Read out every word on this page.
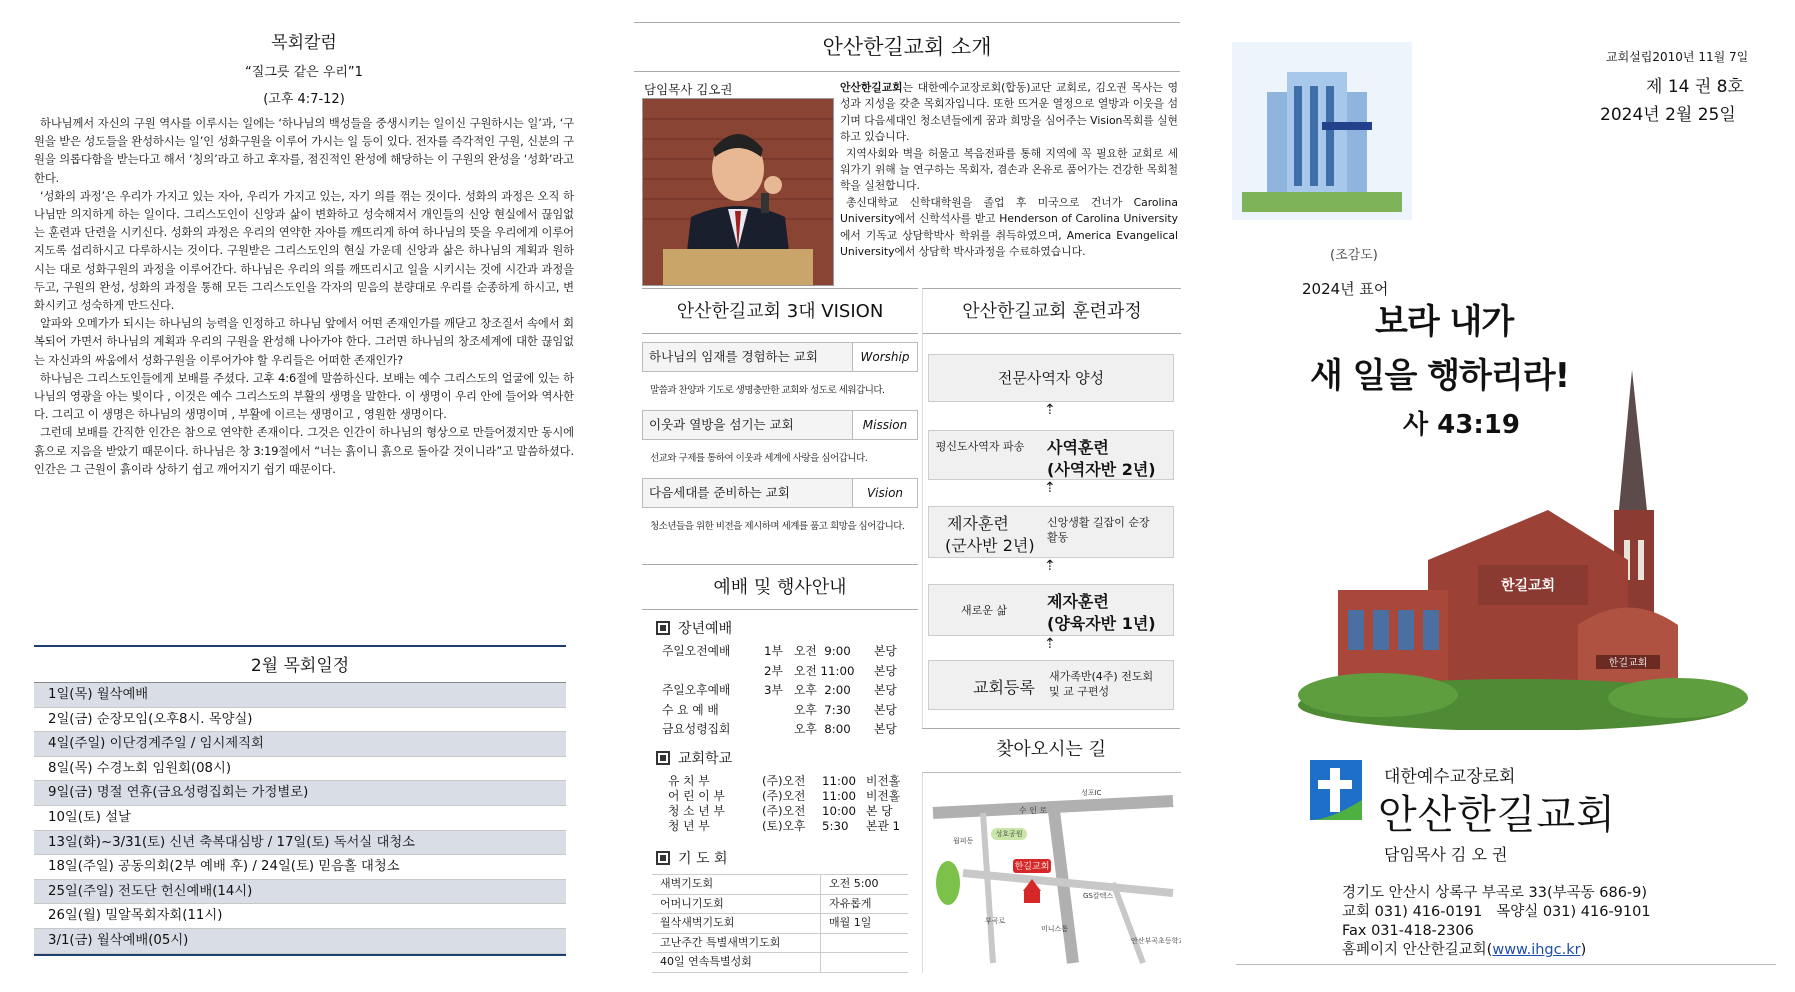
목회칼럼
“질그릇 같은 우리”1
(고후 4:7-12)

하나님께서 자신의 구원 역사를 이루시는 일에는 ‘하나님의 백성들을 중생시키는 일이신 구원하시는 일’과, ‘구원을 받은 성도들을 완성하시는 일’인 성화구원을 이루어 가시는 일 등이 있다. 전자를 즉각적인 구원, 신분의 구원을 의롭다함을 받는다고 해서 ‘칭의’라고 하고 후자를, 점진적인 완성에 해당하는 이 구원의 완성을 ‘성화’라고 한다.

‘성화의 과정’은 우리가 가지고 있는 자아, 우리가 가지고 있는, 자기 의를 꺾는 것이다. 성화의 과정은 오직 하나님만 의지하게 하는 일이다. 그리스도인이 신앙과 삶이 변화하고 성숙해져서 개인들의 신앙 현실에서 끊임없는 훈련과 단련을 시키신다. 성화의 과정은 우리의 연약한 자아를 깨뜨리게 하여 하나님의 뜻을 우리에게 이루어지도록 섭리하시고 다루하시는 것이다. 구원받은 그리스도인의 현실 가운데 신앙과 삶은 하나님의 계획과 원하시는 대로 성화구원의 과정을 이루어간다. 하나님은 우리의 의를 깨뜨리시고 일을 시키시는 것에 시간과 과정을 두고, 구원의 완성, 성화의 과정을 통해 모든 그리스도인을 각자의 믿음의 분량대로 우리를 순종하게 하시고, 변화시키고 성숙하게 만드신다.

알파와 오메가가 되시는 하나님의 능력을 인정하고 하나님 앞에서 어떤 존재인가를 깨닫고 창조질서 속에서 회복되어 가면서 하나님의 계획과 우리의 구원을 완성해 나아가야 한다. 그러면 하나님의 창조세계에 대한 끊임없는 자신과의 싸움에서 성화구원을 이루어가야 할 우리들은 어떠한 존재인가?

하나님은 그리스도인들에게 보배를 주셨다. 고후 4:6절에 말씀하신다. 보배는 예수 그리스도의 얼굴에 있는 하나님의 영광을 아는 빛이다 , 이것은 예수 그리스도의 부활의 생명을 말한다. 이 생명이 우리 안에 들어와 역사한다. 그리고 이 생명은 하나님의 생명이며 , 부활에 이르는 생명이고 , 영원한 생명이다.

그런데 보배를 간직한 인간은 참으로 연약한 존재이다. 그것은 인간이 하나님의 형상으로 만들어졌지만 동시에 흙으로 지음을 받았기 때문이다. 하나님은 창 3:19절에서 “너는 흙이니 흙으로 돌아갈 것이니라”고 말씀하셨다. 인간은 그 근원이 흙이라 상하기 쉽고 깨어지기 쉽기 때문이다.

2월 목회일정
1일(목) 월삭예배
2일(금) 순장모임(오후8시. 목양실)
4일(주일) 이단경계주일 / 임시제직회
8일(목) 수경노회 임원회(08시)
9일(금) 명절 연휴(금요성령집회는 가정별로)
10일(토) 설날
13일(화)~3/31(토) 신년 축복대심방 / 17일(토) 독서실 대청소
18일(주일) 공동의회(2부 예배 후) / 24일(토) 믿음홀 대청소
25일(주일) 전도단 헌신예배(14시)
26일(월) 밀알목회자회(11시)
3/1(금) 월삭예배(05시)
안산한길교회 소개
담임목사 김오권	안산한길교회는 대한예수교장로회(합동)교단 교회로, 김오권 목사는 영성과 지성을 갖춘 목회자입니다. 또한 뜨거운 열정으로 열방과 이웃을 섬기며 다음세대인 청소년들에게 꿈과 희망을 심어주는 Vision목회를 실현하고 있습니다.
지역사회와 벽을 허물고 복음전파를 통해 지역에 꼭 필요한 교회로 세워가기 위해 늘 연구하는 목회자, 겸손과 온유로 품어가는 건강한 목회철학을 실천합니다.
총신대학교 신학대학원을 졸업 후 미국으로 건너가 Carolina University에서 신학석사를 받고 Henderson of Carolina University에서 기독교 상담학박사 학위를 취득하였으며, America Evangelical University에서 상담학 박사과정을 수료하였습니다.
안산한길교회 3대 VISION
하나님의 임재를 경험하는 교회	Worship
말씀과 찬양과 기도로 생명충만한 교회와 성도로 세워갑니다.
이웃과 열방을 섬기는 교회	Mission
선교와 구제를 통하여 이웃과 세계에 사랑을 심어갑니다.
다음세대를 준비하는 교회	Vision
청소년들을 위한 비전을 제시하며 세계를 품고 희망을 심어갑니다.
안산한길교회 훈련과정
전문사역자 양성
⇡
평신도사역자 파송 사역훈련
(사역자반 2년)
⇡
제자훈련
(군사반 2년)
신앙생활 길잡이 순장활동
⇡
새로운 삶	제자훈련
(양육자반 1년)
⇡
교회등록
새가족반(4주) 전도회 및 교 구편성
예배 및 행사안내
장년예배
주일오전예배	1부 오전  9:00	본당
2부 오전 11:00	본당
주일오후예배	3부 오후  2:00	본당
수 요 예 배	오후  7:30	본당
금요성령집회	오후  8:00	본당
교회학교
유 치 부	(주)오전	11:00 비전홀
어 린 이 부	(주)오전	11:00 비전홀
청 소 년 부	(주)오전	10:00 본 당
청 년 부	(토)오후	5:30	본관 1
기 도 회
새벽기도회	오전 5:00
어머니기도회	자유롭게
월삭새벽기도회	매월 1일
고난주간 특별새벽기도회
40일 연속특별성회
찾아오시는 길
한길교회
수 인 로
월피동
성호공원
GS칼텍스
미니스톱
부곡로
성포IC
안산부곡초등학교
(조감도)
교회설립2010년 11월 7일
제 14 권 8호
2024년 2월 25일
2024년 표어
보라 내가
새 일을 행하리라!
사 43:19
한길교회
한길교회
대한예수교장로회
안산한길교회
담임목사 김 오 권
경기도 안산시 상록구 부곡로 33(부곡동 686-9)
교회 031) 416-0191   목양실 031) 416-9101
Fax 031-418-2306
홈페이지 안산한길교회(www.ihgc.kr)
